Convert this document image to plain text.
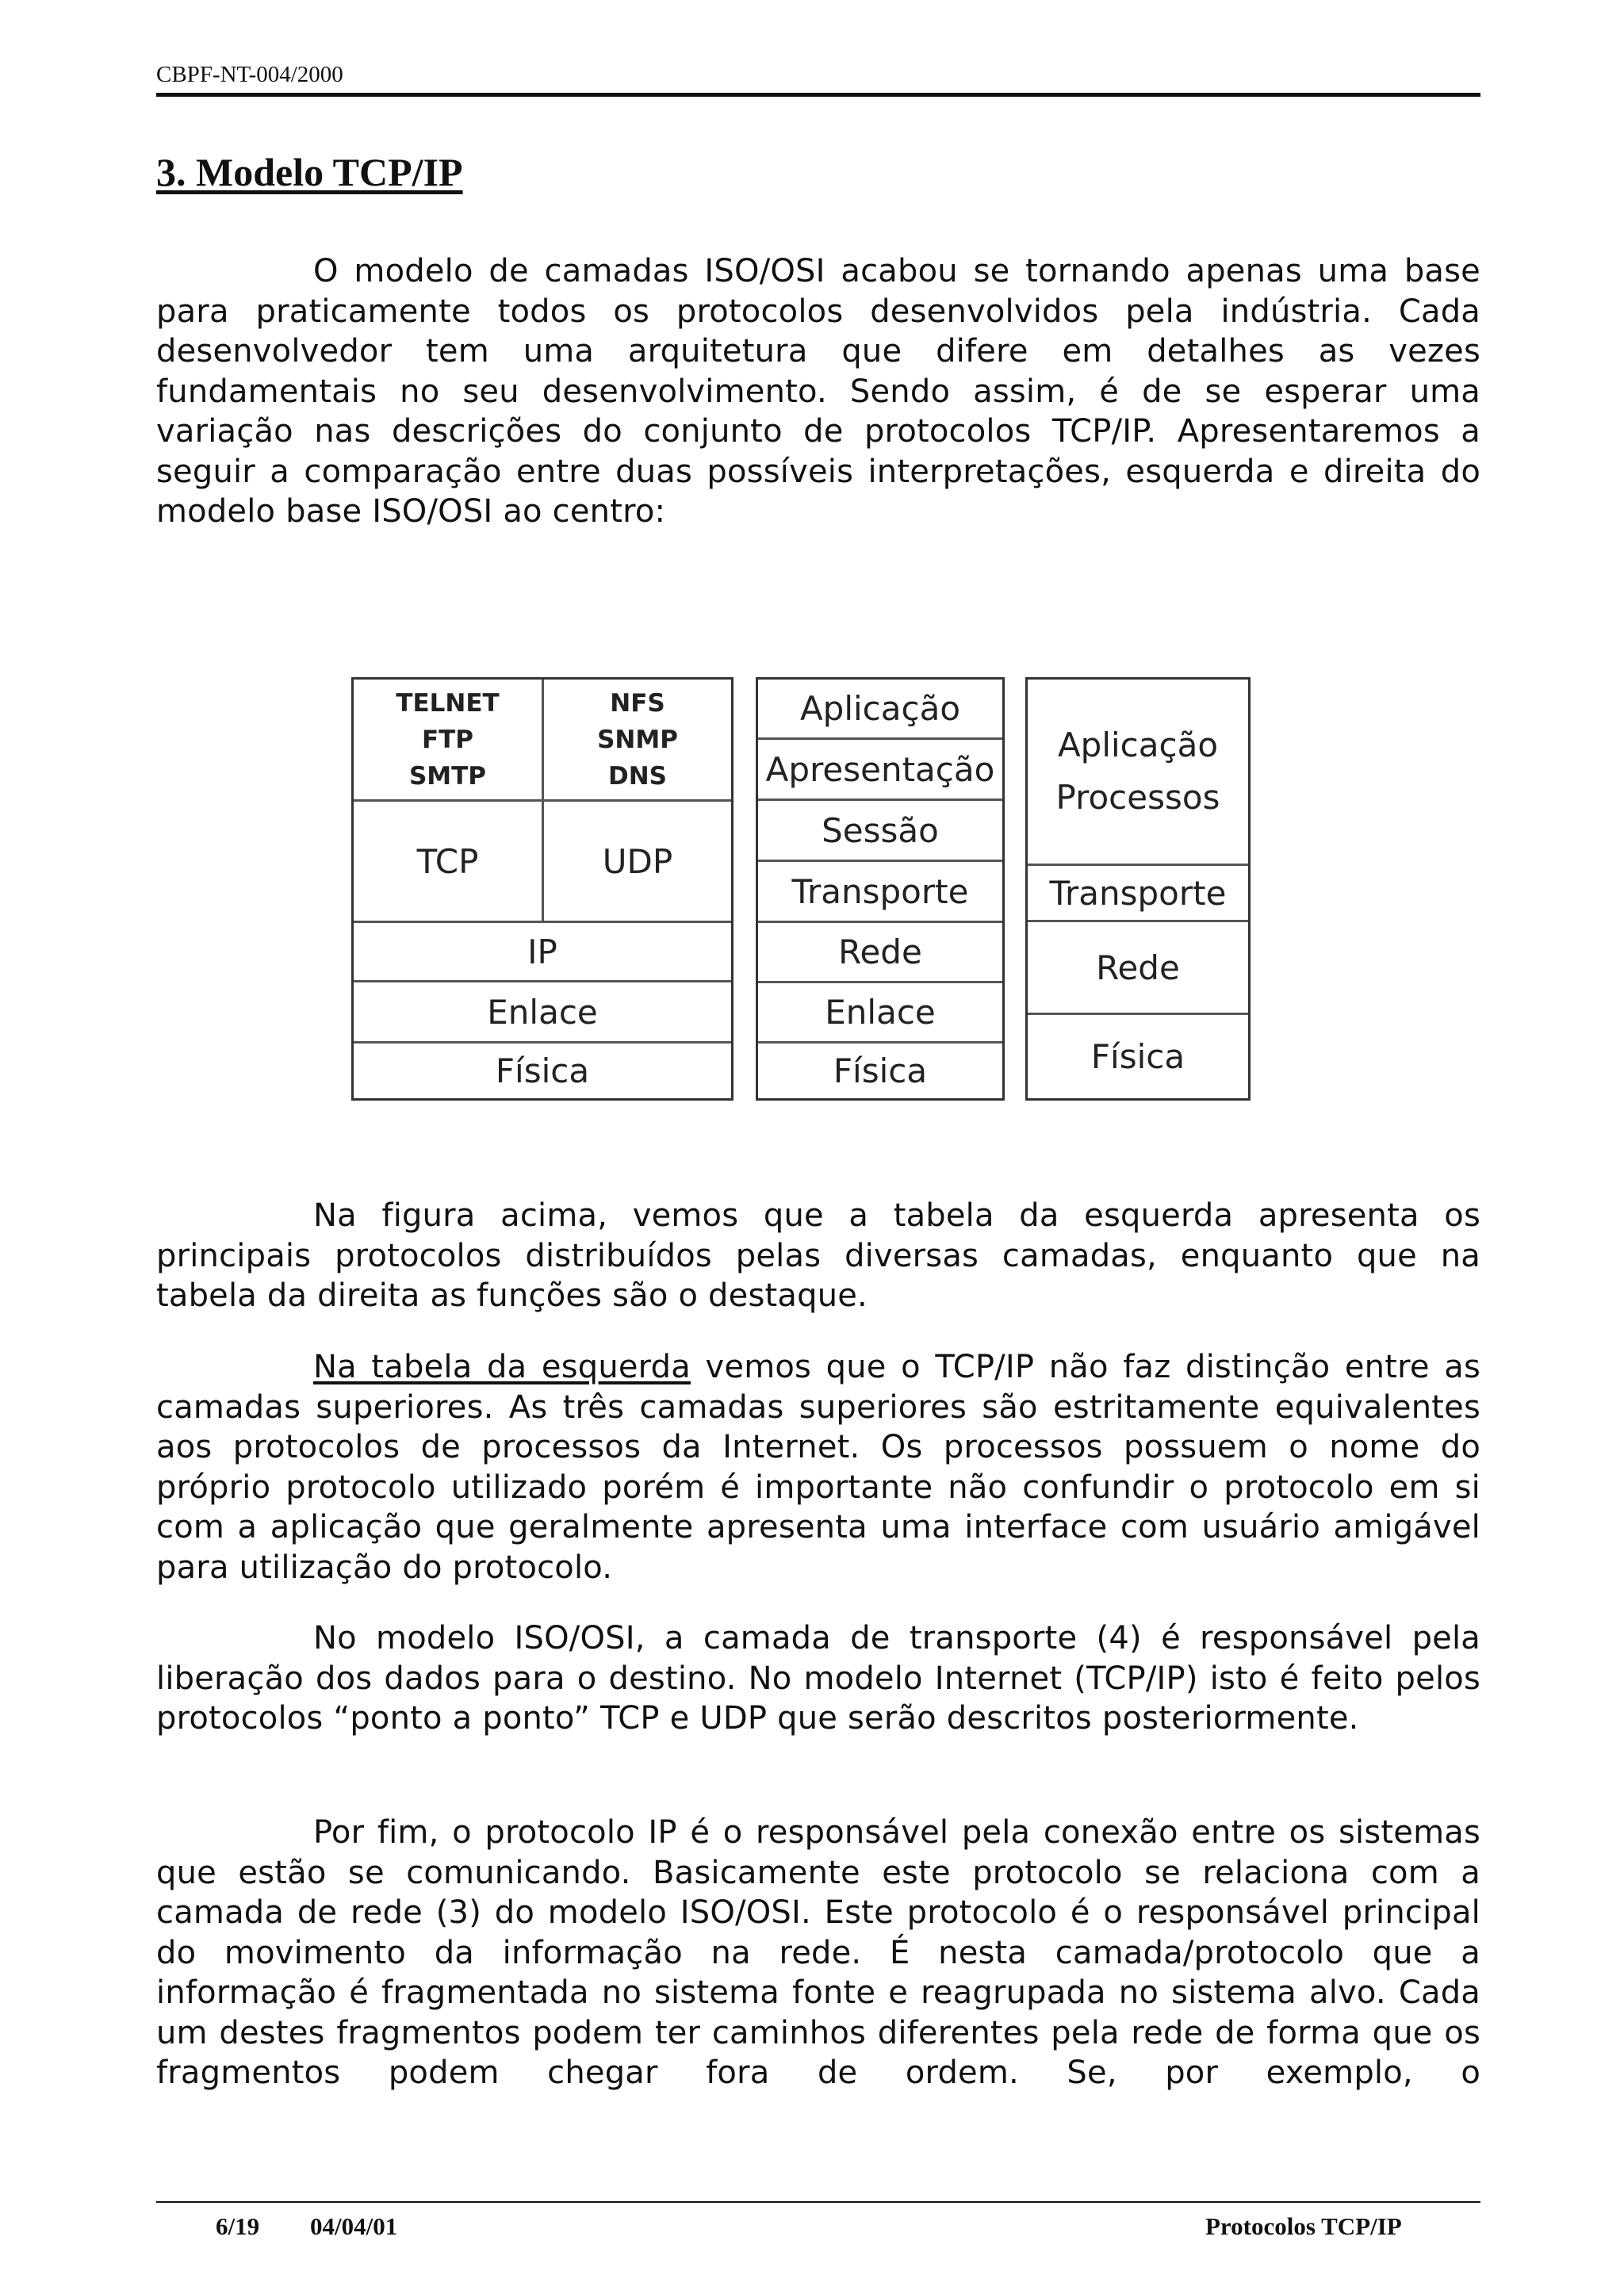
CBPF-NT-004/2000
3. Modelo TCP/IP
O modelo de camadas ISO/OSI acabou se tornando apenas uma base para praticamente todos os protocolos desenvolvidos pela indústria. Cada desenvolvedor tem uma arquitetura que difere em detalhes as vezes fundamentais no seu desenvolvimento. Sendo assim, é de se esperar uma variação nas descrições do conjunto de protocolos TCP/IP. Apresentaremos a seguir a comparação entre duas possíveis interpretações, esquerda e direita do modelo base ISO/OSI ao centro:
TELNET
FTP
SMTP
NFS
SNMP
DNS
TCP	UDP
IP
Enlace
Física
Aplicação
Apresentação
Sessão
Transporte
Rede
Enlace
Física
Aplicação
Processos
Transporte
Rede
Física
Na figura acima, vemos que a tabela da esquerda apresenta os principais protocolos distribuídos pelas diversas camadas, enquanto que na tabela da direita as funções são o destaque.
Na tabela da esquerda vemos que o TCP/IP não faz distinção entre as camadas superiores. As três camadas superiores são estritamente equivalentes aos protocolos de processos da Internet. Os processos possuem o nome do próprio protocolo utilizado porém é importante não confundir o protocolo em si com a aplicação que geralmente apresenta uma interface com usuário amigável para utilização do protocolo.
No modelo ISO/OSI, a camada de transporte (4) é responsável pela liberação dos dados para o destino. No modelo Internet (TCP/IP) isto é feito pelos protocolos “ponto a ponto” TCP e UDP que serão descritos posteriormente.
Por fim, o protocolo IP é o responsável pela conexão entre os sistemas que estão se comunicando. Basicamente este protocolo se relaciona com a camada de rede (3) do modelo ISO/OSI. Este protocolo é o responsável principal do movimento da informação na rede. É nesta camada/protocolo que a informação é fragmentada no sistema fonte e reagrupada no sistema alvo. Cada um destes fragmentos podem ter caminhos diferentes pela rede de forma que os fragmentos podem chegar fora de ordem. Se, por exemplo, o
6/19 04/04/01	Protocolos TCP/IP
